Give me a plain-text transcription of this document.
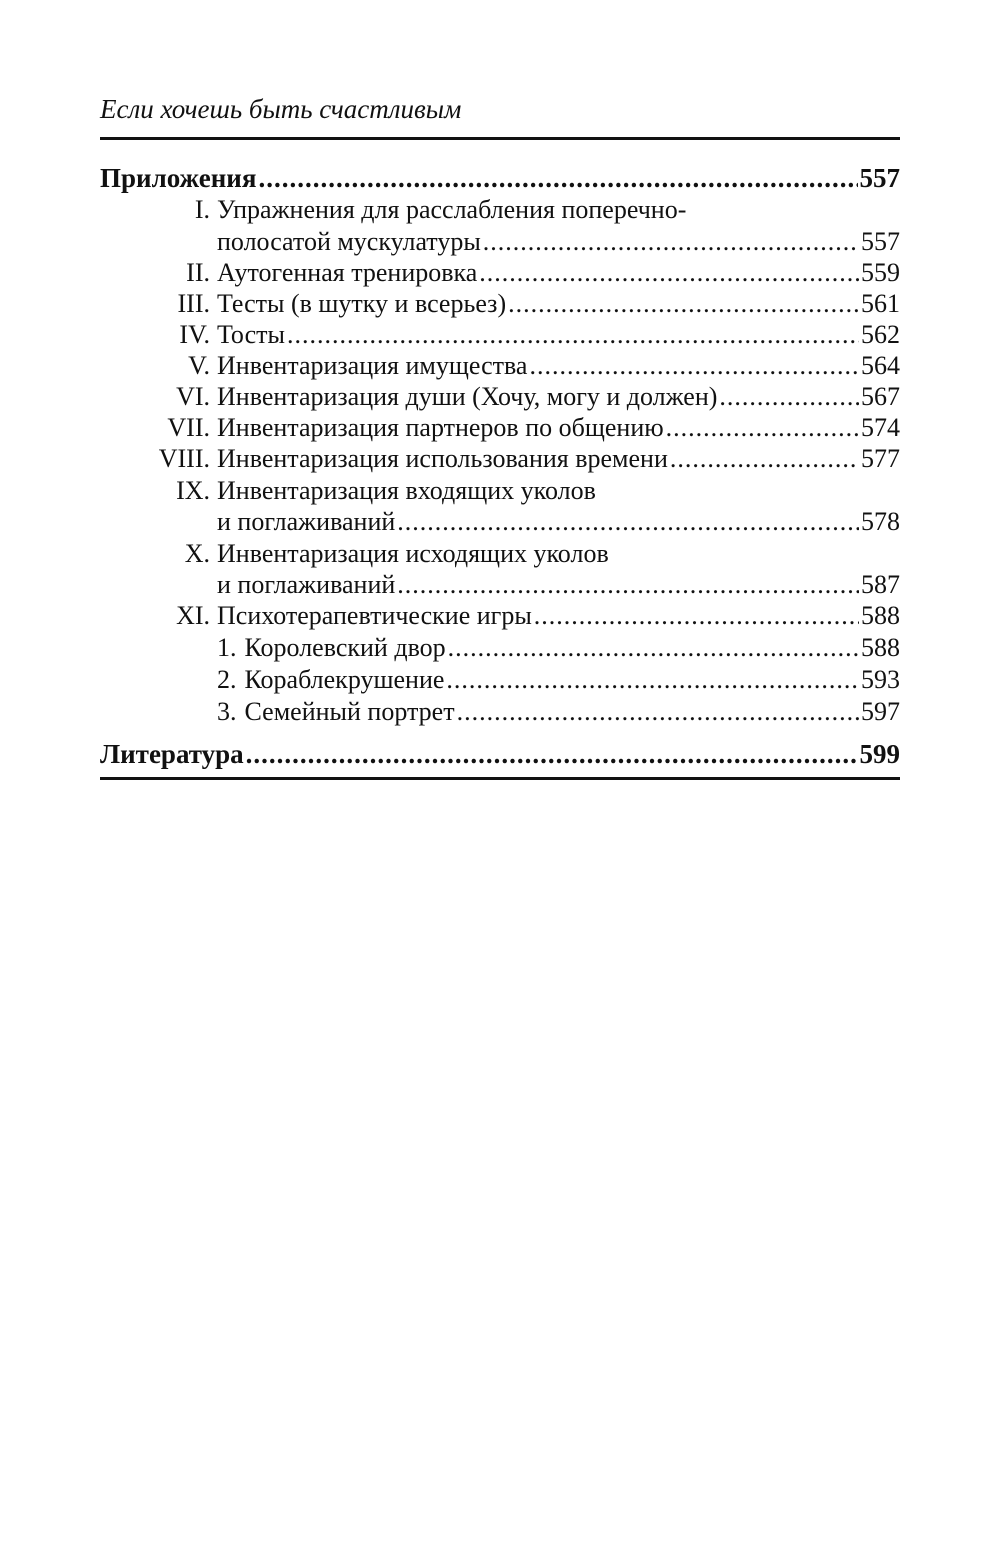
Если хочешь быть счастливым
Приложения .....	557
I. Упражнения для расслабления поперечно-
полосатой мускулатуры .....	557
II. Аутогенная тренировка .....	559
III. Тесты (в шутку и всерьез) .....	561
IV. Тосты .....	562
V. Инвентаризация имущества .....	564
VI. Инвентаризация души (Хочу, могу и должен) .....	567
VII. Инвентаризация партнеров по общению .....	574
VIII. Инвентаризация использования времени .....	577
IX. Инвентаризация входящих уколов
и поглаживаний .....	578
X. Инвентаризация исходящих уколов
и поглаживаний .....	587
XI. Психотерапевтические игры .....	588
1. Королевский двор .....	588
2. Кораблекрушение .....	593
3. Семейный портрет .....	597
Литература .....	599
